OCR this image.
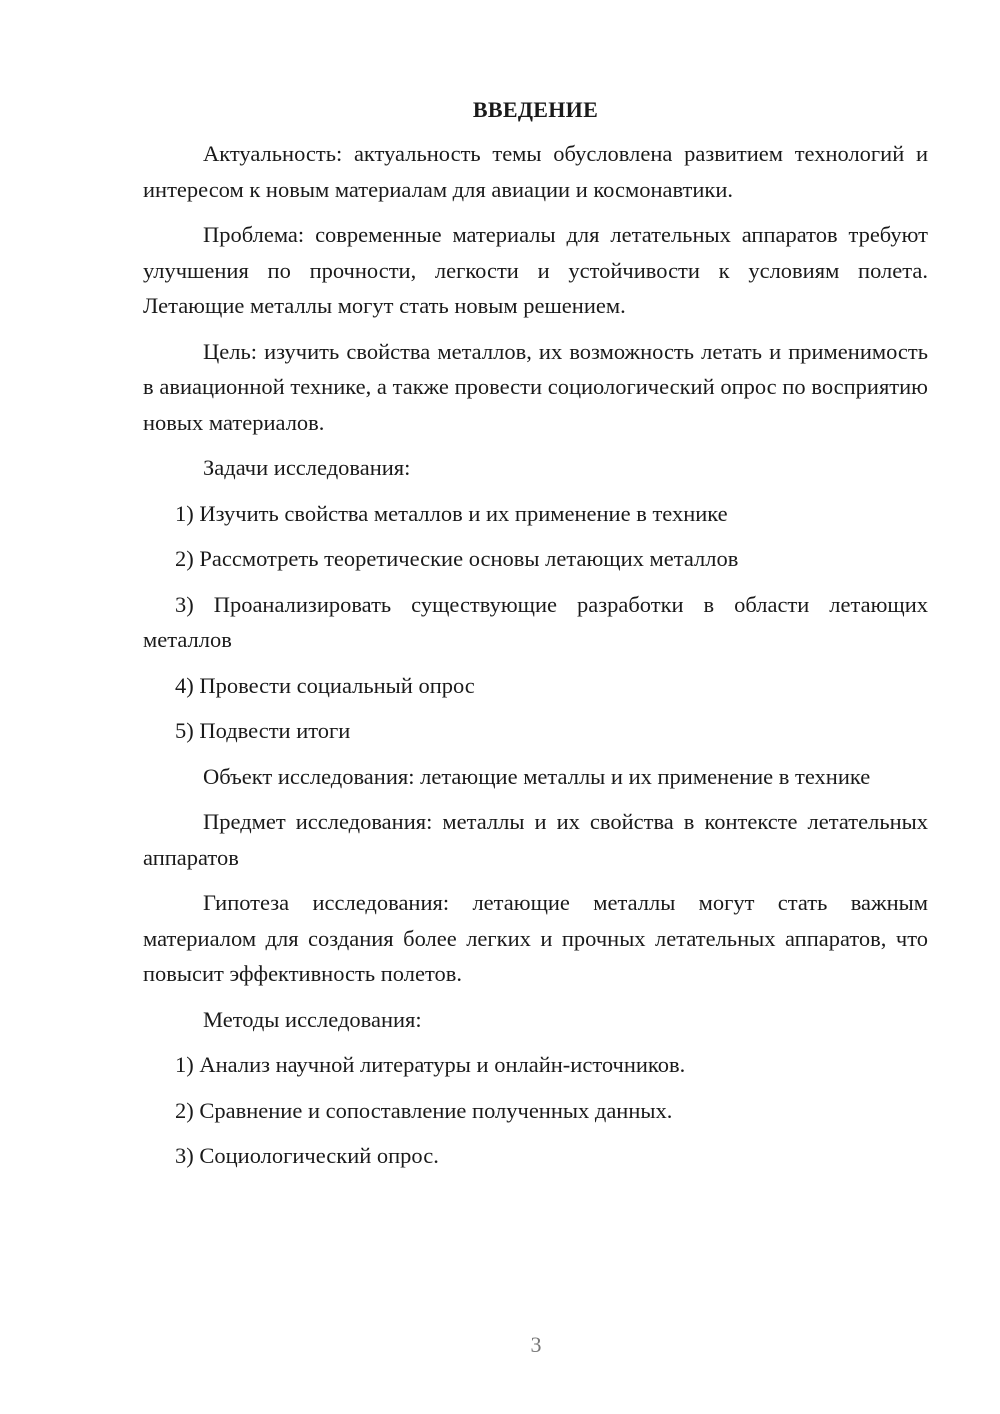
ВВЕДЕНИЕ

Актуальность: актуальность темы обусловлена развитием технологий и интересом к новым материалам для авиации и космонавтики.

Проблема: современные материалы для летательных аппаратов требуют улучшения по прочности, легкости и устойчивости к условиям полета. Летающие металлы могут стать новым решением.

Цель: изучить свойства металлов, их возможность летать и применимость в авиационной технике, а также провести социологический опрос по восприятию новых материалов.

Задачи исследования:

1) Изучить свойства металлов и их применение в технике

2) Рассмотреть теоретические основы летающих металлов

3) Проанализировать существующие разработки в области летающих металлов

4) Провести социальный опрос

5) Подвести итоги

Объект исследования: летающие металлы и их применение в технике

Предмет исследования: металлы и их свойства в контексте летательных аппаратов

Гипотеза исследования: летающие металлы могут стать важным материалом для создания более легких и прочных летательных аппаратов, что повысит эффективность полетов.

Методы исследования:

1) Анализ научной литературы и онлайн-источников.

2) Сравнение и сопоставление полученных данных.

3) Социологический опрос.

3
